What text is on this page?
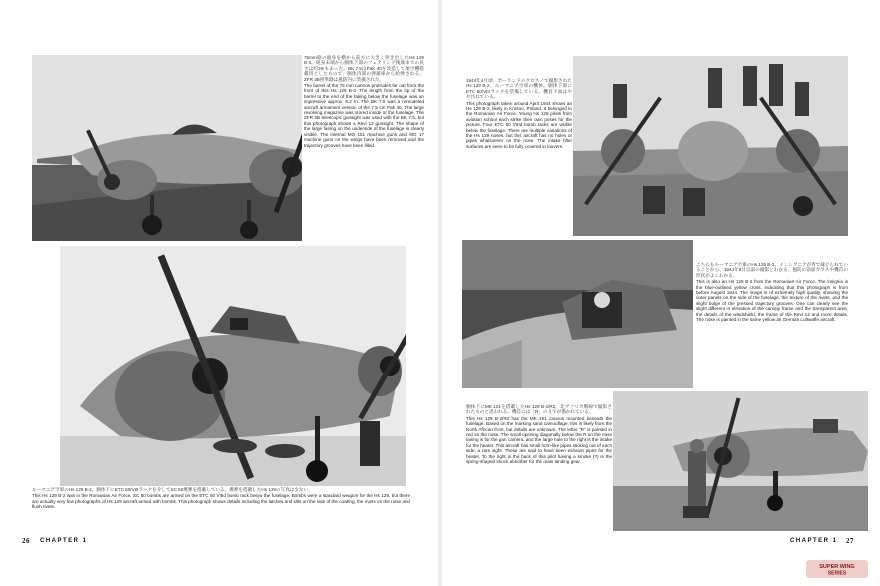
75mm砲の砲身を横から前方に大きく突き出したHs 129 B-3。砲身末端から胴体下部のフェアリング後端までの長さは約2mもあった。BK 7.5はPaK 40を改造して航空機搭載用としたもので、胴体内部の弾薬庫から給弾される。ZFR 3B照準器は風防内に装備された。

The barrel of the 75 mm cannon protrudes far out from the front of this Hs 129 B-3. The length from the tip of the barrel to the end of the fairing below the fuselage was an impressive approx. 6.2 m. The BK 7.5 was a remodeled aircraft armament version of the 7.5 cm Pak 40. The large revolving magazine was stored inside of the fuselage. The ZFR 3B telescopic gunsight was used with the BK 7.5, but this photograph shows a Revi 12 gunsight. The shape of the large fairing on the underside of the fuselage is clearly visible. The internal MG 151 machine guns and MG 17 machine guns on the wings have been removed and the trajectory grooves have been filled.

ルーマニア空軍のHs 129 B-2。胴体下にETC 50/VIIIラックを介してSC 50爆弾を搭載している。爆弾を搭載したHs 129の写真は少ない。

This Hs 129 B-2 was in the Romanian Air Force. SC 50 bombs are armed on the ETC 50 VIIId bomb rack below the fuselage. Bombs were a standard weapon for the Hs 129, but there are actually very few photographs of Hs 129 aircraft armed with bombs. This photograph shows details including the latches and slits on the side of the cowling, the rivets on the nose and flush rivets.

26 CHAPTER 1

1944年4月頃、ポーランドのクロスノで撮影されたHs 129 B-2。ルーマニア空軍の機体。胴体下部にETC 50/VIIIラックを装備している。機首下面はやや汚れている。

This photograph taken around April 1944 shows an Hs 129 B-2, likely in Krosno, Poland. It belonged to the Romanian Air Force. Young Hs 129 pilots from aviation school each strike their own poses for the picture. Four ETC 50 VIIId bomb racks are visible below the fuselage. There are multiple variations of the Hs 129 noses, but this aircraft has no holes or pipes whatsoever on the nose. The intake filter surfaces are seen to be fully covered in louvers.

こちらもルーマニア空軍のHs 129 B-2。インシグニアが青で縁どられていることから、1944年8月以前の撮影とわかる。風防の前面ガラスや機首の形状がよくわかる。

This is also an Hs 129 B-2 from the Romanian Air Force. The insignia is the blue-outlined yellow cross, indicating that this photograph is from before August 1944. The image is of extremely high quality, showing the outer panels on the side of the fuselage, the texture of the rivets, and the slight bulge of the pressed trajectory grooves. One can clearly see the slight different in elevation of the canopy frame and the transparent area, the details of the windshield, the frame of the Revi 12 and more details. The nose is painted in the same yellow as German Luftwaffe aircraft.

胴体下にMK 101を搭載したHs 129 B-2/R2。北アフリカ戦線で撮影されたものと思われる。機首には「R」の文字が描かれている。

This Hs 129 B-2/R2 has the MK 101 cannon mounted beneath the fuselage. Based on the marking sand camouflage, this is likely from the North African front, but details are unknown. The letter "R" is painted in red on the nose. The small opening diagonally below the R on the nose fairing is for the gun camera, and the large hole to the right is the intake for the heater. This aircraft has small horn-like pipes sticking out of each side, a rare sight. These are said to have been exhaust pipes for the heater. To the right in the back of this pilot having a smoke (?) is the spring-shaped shock absorber for the main landing gear.

CHAPTER 1 27
SUPER WING
SERIES
